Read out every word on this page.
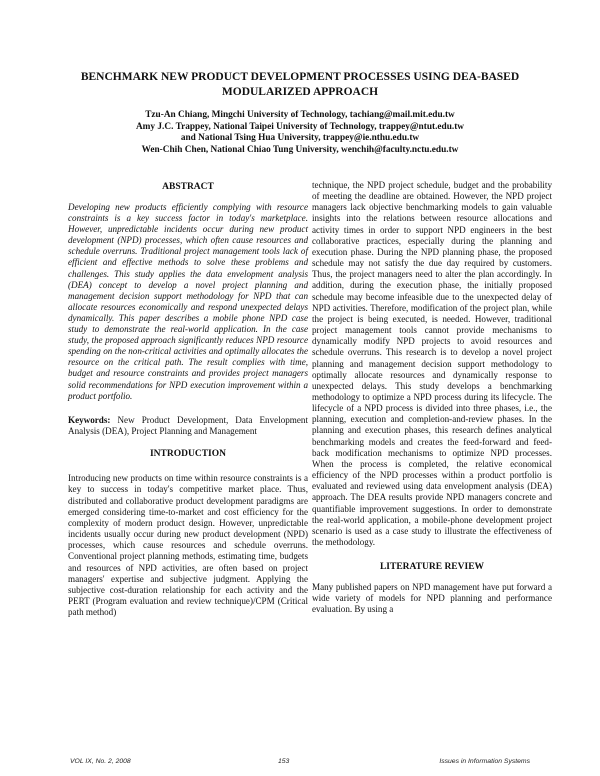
BENCHMARK NEW PRODUCT DEVELOPMENT PROCESSES USING DEA-BASED MODULARIZED APPROACH
Tzu-An Chiang, Mingchi University of Technology, tachiang@mail.mit.edu.tw
Amy J.C. Trappey, National Taipei University of Technology, trappey@ntut.edu.tw
and National Tsing Hua University, trappey@ie.nthu.edu.tw
Wen-Chih Chen, National Chiao Tung University, wenchih@faculty.nctu.edu.tw
ABSTRACT

Developing new products efficiently complying with resource constraints is a key success factor in today's marketplace. However, unpredictable incidents occur during new product development (NPD) processes, which often cause resources and schedule overruns. Traditional project management tools lack of efficient and effective methods to solve these problems and challenges. This study applies the data envelopment analysis (DEA) concept to develop a novel project planning and management decision support methodology for NPD that can allocate resources economically and respond unexpected delays dynamically. This paper describes a mobile phone NPD case study to demonstrate the real-world application. In the case study, the proposed approach significantly reduces NPD resource spending on the non-critical activities and optimally allocates the resource on the critical path. The result complies with time, budget and resource constraints and provides project managers solid recommendations for NPD execution improvement within a product portfolio.

Keywords: New Product Development, Data Envelopment Analysis (DEA), Project Planning and Management

INTRODUCTION

Introducing new products on time within resource constraints is a key to success in today's competitive market place. Thus, distributed and collaborative product development paradigms are emerged considering time-to-market and cost efficiency for the complexity of modern product design. However, unpredictable incidents usually occur during new product development (NPD) processes, which cause resources and schedule overruns. Conventional project planning methods, estimating time, budgets and resources of NPD activities, are often based on project managers' expertise and subjective judgment. Applying the subjective cost-duration relationship for each activity and the PERT (Program evaluation and review technique)/CPM (Critical path method)

technique, the NPD project schedule, budget and the probability of meeting the deadline are obtained. However, the NPD project managers lack objective benchmarking models to gain valuable insights into the relations between resource allocations and activity times in order to support NPD engineers in the best collaborative practices, especially during the planning and execution phase. During the NPD planning phase, the proposed schedule may not satisfy the due day required by customers. Thus, the project managers need to alter the plan accordingly. In addition, during the execution phase, the initially proposed schedule may become infeasible due to the unexpected delay of NPD activities. Therefore, modification of the project plan, while the project is being executed, is needed. However, traditional project management tools cannot provide mechanisms to dynamically modify NPD projects to avoid resources and schedule overruns. This research is to develop a novel project planning and management decision support methodology to optimally allocate resources and dynamically response to unexpected delays. This study develops a benchmarking methodology to optimize a NPD process during its lifecycle. The lifecycle of a NPD process is divided into three phases, i.e., the planning, execution and completion-and-review phases. In the planning and execution phases, this research defines analytical benchmarking models and creates the feed-forward and feed-back modification mechanisms to optimize NPD processes. When the process is completed, the relative economical efficiency of the NPD processes within a product portfolio is evaluated and reviewed using data envelopment analysis (DEA) approach. The DEA results provide NPD managers concrete and quantifiable improvement suggestions. In order to demonstrate the real-world application, a mobile-phone development project scenario is used as a case study to illustrate the effectiveness of the methodology.

LITERATURE REVIEW

Many published papers on NPD management have put forward a wide variety of models for NPD planning and performance evaluation. By using a

VOL IX, No. 2, 2008	153	Issues in Information Systems
